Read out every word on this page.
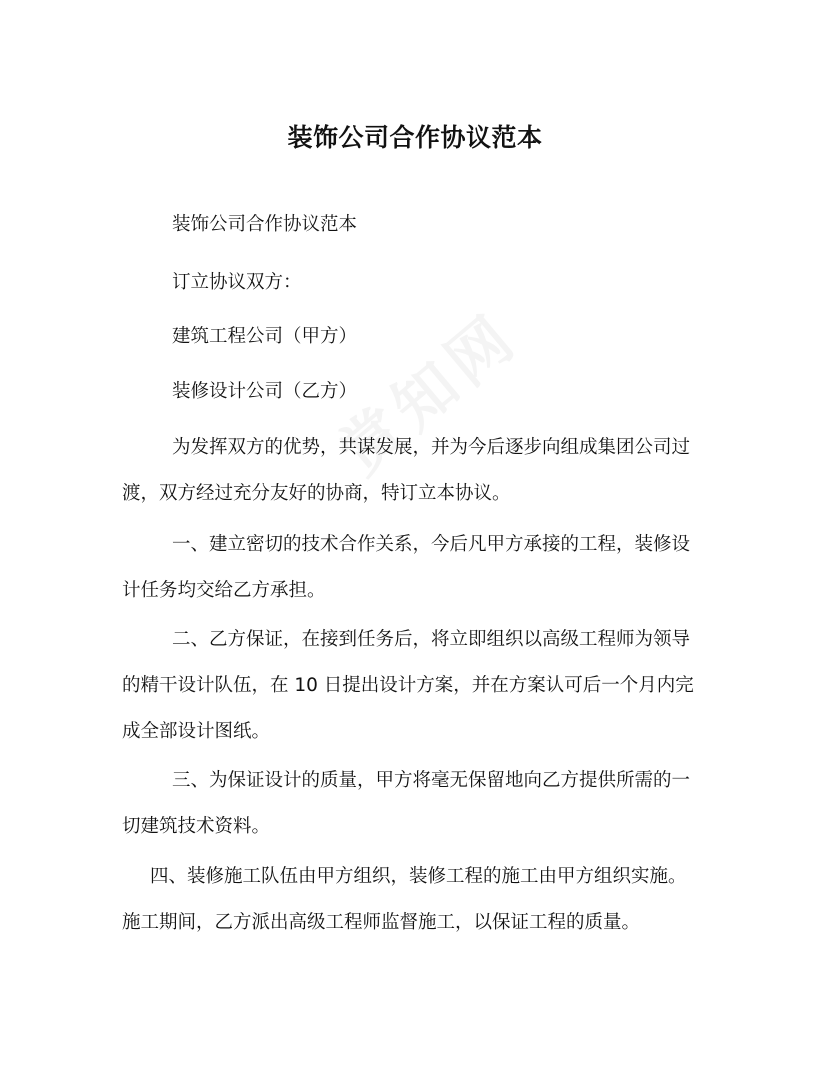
装饰公司合作协议范本
装饰公司合作协议范本
订立协议双方：
建筑工程公司（甲方）
装修设计公司（乙方）
为发挥双方的优势，共谋发展，并为今后逐步向组成集团公司过
渡，双方经过充分友好的协商，特订立本协议。
一、建立密切的技术合作关系，今后凡甲方承接的工程，装修设
计任务均交给乙方承担。
二、乙方保证，在接到任务后，将立即组织以高级工程师为领导
的精干设计队伍，在 10 日提出设计方案，并在方案认可后一个月内完
成全部设计图纸。
三、为保证设计的质量，甲方将毫无保留地向乙方提供所需的一
切建筑技术资料。
四、装修施工队伍由甲方组织，装修工程的施工由甲方组织实施。
施工期间，乙方派出高级工程师监督施工，以保证工程的质量。
